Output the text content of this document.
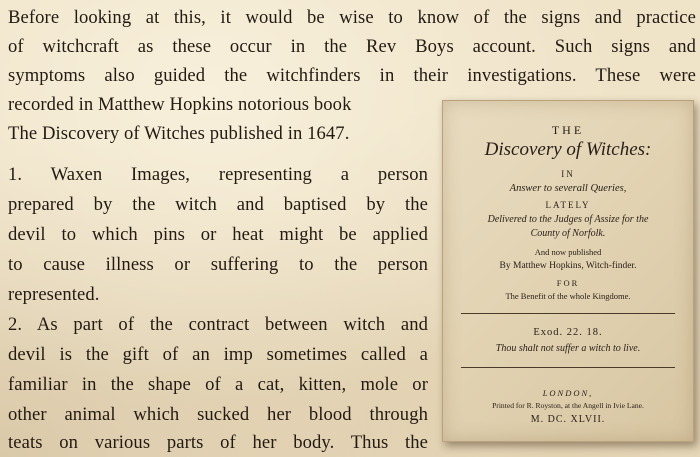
Before looking at this, it would be wise to know of the signs and practice
of witchcraft as these occur in the Rev Boys account. Such signs and
symptoms also guided the witchfinders in their investigations. These were
recorded in Matthew Hopkins notorious book
The Discovery of Witches published in 1647.
1. Waxen Images, representing a person
prepared by the witch and baptised by the
devil to which pins or heat might be applied
to cause illness or suffering to the person
represented.
2. As part of the contract between witch and
devil is the gift of an imp sometimes called a
familiar in the shape of a cat, kitten, mole or
other animal which sucked her blood through
teats on various parts of her body. Thus the
THE
Discovery of Witches:
IN
Answer to severall Queries,
LATELY
Delivered to the Judges of Assize for the
County of Norfolk.
And now published
By Matthew Hopkins, Witch-finder.
FOR
The Benefit of the whole Kingdome.
Exod. 22. 18.
Thou shalt not suffer a witch to live.
LONDON,
Printed for R. Royston, at the Angell in Ivie Lane.
M. DC. XLVII.
